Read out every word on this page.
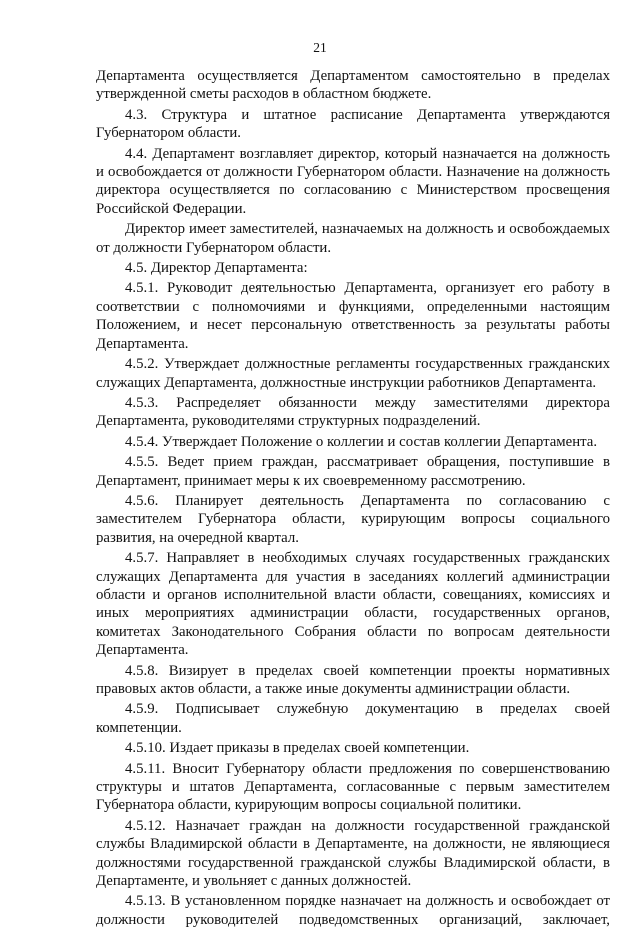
21

Департамента осуществляется Департаментом самостоятельно в пределах утвержденной сметы расходов в областном бюджете.

4.3. Структура и штатное расписание Департамента утверждаются Губернатором области.

4.4. Департамент возглавляет директор, который назначается на должность и освобождается от должности Губернатором области. Назначение на должность директора осуществляется по согласованию с Министерством просвещения Российской Федерации.

Директор имеет заместителей, назначаемых на должность и освобождаемых от должности Губернатором области.

4.5. Директор Департамента:

4.5.1. Руководит деятельностью Департамента, организует его работу в соответствии с полномочиями и функциями, определенными настоящим Положением, и несет персональную ответственность за результаты работы Департамента.

4.5.2. Утверждает должностные регламенты государственных гражданских служащих Департамента, должностные инструкции работников Департамента.

4.5.3. Распределяет обязанности между заместителями директора Департамента, руководителями структурных подразделений.

4.5.4. Утверждает Положение о коллегии и состав коллегии Департамента.

4.5.5. Ведет прием граждан, рассматривает обращения, поступившие в Департамент, принимает меры к их своевременному рассмотрению.

4.5.6. Планирует деятельность Департамента по согласованию с заместителем Губернатора области, курирующим вопросы социального развития, на очередной квартал.

4.5.7. Направляет в необходимых случаях государственных гражданских служащих Департамента для участия в заседаниях коллегий администрации области и органов исполнительной власти области, совещаниях, комиссиях и иных мероприятиях администрации области, государственных органов, комитетах Законодательного Собрания области по вопросам деятельности Департамента.

4.5.8. Визирует в пределах своей компетенции проекты нормативных правовых актов области, а также иные документы администрации области.

4.5.9. Подписывает служебную документацию в пределах своей компетенции.

4.5.10. Издает приказы в пределах своей компетенции.

4.5.11. Вносит Губернатору области предложения по совершенствованию структуры и штатов Департамента, согласованные с первым заместителем Губернатора области, курирующим вопросы социальной политики.

4.5.12. Назначает граждан на должности государственной гражданской службы Владимирской области в Департаменте, на должности, не являющиеся должностями государственной гражданской службы Владимирской области, в Департаменте, и увольняет с данных должностей.

4.5.13. В установленном порядке назначает на должность и освобождает от должности руководителей подведомственных организаций, заключает,
